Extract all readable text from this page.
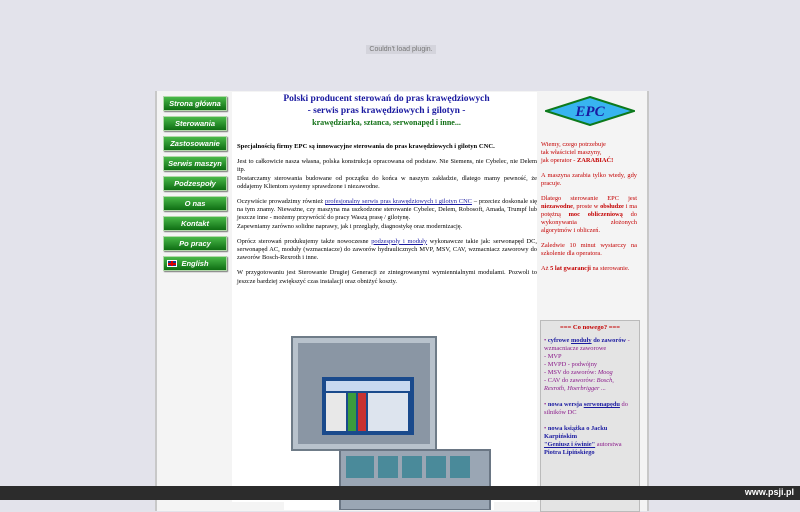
Couldn't load plugin.
Strona główna
Sterowania
Zastosowanie
Serwis maszyn
Podzespoły
O nas
Kontakt
Po pracy
English
Polski producent sterowań do pras krawędziowych
- serwis pras krawędziowych i gilotyn -
krawędziarka, sztanca, serwonapęd i inne...
EPC

Specjalnością firmy EPC są innowacyjne sterowania do pras krawędziowych i gilotyn CNC.

Jest to całkowicie nasza własna, polska konstrukcja opracowana od podstaw. Nie Siemens, nie Cybelec, nie Delem itp.
Dostarczamy sterowania budowane od początku do końca w naszym zakładzie, dlatego mamy pewność, że oddajemy Klientom systemy sprawdzone i niezawodne.

Oczywiście prowadzimy również profesjonalny serwis pras krawędziowych i gilotyn CNC – przeciez doskonale się na tym znamy. Nieważne, czy maszyna ma uszkodzone sterowanie Cybelec, Delem, Robosoft, Amada, Trumpf lub jeszcze inne - możemy przywrócić do pracy Waszą prasę / gilotynę.
Zapewniamy zarówno solidne naprawy, jak i przeglądy, diagnostykę oraz modernizację.

Oprócz sterowań produkujemy także nowoczesne podzespoły i moduły wykonawcze takie jak: serwonapęd DC, serwonapęd AC, moduły (wzmacniacze) do zaworów hydraulicznych MVP, MSV, CAV, wzmacniacz zaworowy do zaworów Bosch-Rexroth i inne.

W przygotowaniu jest Sterowanie Drugiej Generacji ze zintegrowanymi wymiennialnymi modulami. Pozwoli to jeszcze bardziej zwiększyć czas instalacji oraz obniżyć koszty.

Wiemy, czego potrzebuje
tak właściciel maszyny,
jak operator - ZARABIAĆ!

A maszyna zarabia tylko wtedy, gdy pracuje.

Dlatego sterowanie EPC jest niezawodne, proste w obsłudze i ma potężną moc obliczeniową do wykonywania złożonych algorytmów i obliczeń.

Zaledwie 10 minut wystarczy na szkolenie dla operatora.

Aż 5 lat gwarancji na sterowanie.

=== Co nowego? ===
• cyfrowe moduły do zaworów - wzmacniacze zaworowe
- MVP
- MVPD - podwójny
- MSV do zaworów: Moog
- CAV do zaworów: Bosch, Rexroth, Hoerbrigger ...
• nowa wersja serwonapędu do silników DC
• nowa książka o Jacku Karpińskim
"Geniusz i świnie" autorstwa
Piotra Lipińskiego
www.psji.pl
